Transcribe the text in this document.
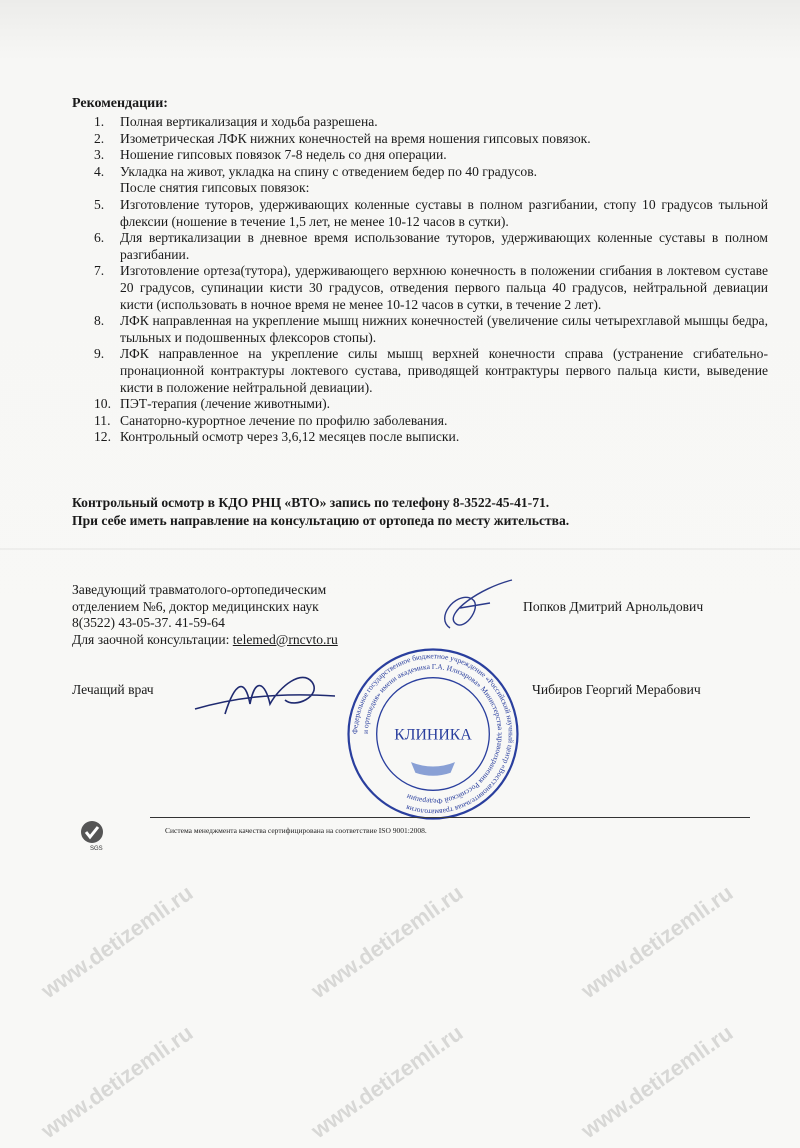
www.detizemli.ru	www.detizemli.ru	www.detizemli.ru
www.detizemli.ru	www.detizemli.ru	www.detizemli.ru
Рекомендации:
1. Полная вертикализация и ходьба разрешена.
2. Изометрическая ЛФК нижних конечностей на время ношения гипсовых повязок.
3. Ношение гипсовых повязок 7-8 недель со дня операции.
4. Укладка на живот, укладка на спину с отведением бедер по 40 градусов.
После снятия гипсовых повязок:
5. Изготовление туторов, удерживающих коленные суставы в полном разгибании, стопу 10 градусов тыльной флексии (ношение в течение 1,5 лет, не менее 10-12 часов в сутки).
6. Для вертикализации в дневное время использование туторов, удерживающих коленные суставы в полном разгибании.
7. Изготовление ортеза(тутора), удерживающего верхнюю конечность в положении сгибания в локтевом суставе 20 градусов, супинации кисти 30 градусов, отведения первого пальца 40 градусов, нейтральной девиации кисти (использовать в ночное время не менее 10-12 часов в сутки, в течение 2 лет).
8. ЛФК направленная на укрепление мышц нижних конечностей (увеличение силы четырехглавой мышцы бедра, тыльных и подошвенных флексоров стопы).
9. ЛФК направленное на укрепление силы мышц верхней конечности справа (устранение сгибательно-пронационной контрактуры локтевого сустава, приводящей контрактуры первого пальца кисти, выведение кисти в положение нейтральной девиации).
10. ПЭТ-терапия (лечение животными).
11. Санаторно-курортное лечение по профилю заболевания.
12. Контрольный осмотр через 3,6,12 месяцев после выписки.
Контрольный осмотр в КДО РНЦ «ВТО» запись по телефону 8-3522-45-41-71.
При себе иметь направление на консультацию от ортопеда по месту жительства.
Заведующий травматолого-ортопедическим
отделением №6, доктор медицинских наук
8(3522) 43-05-37. 41-59-64
Для заочной консультации: telemed@rncvto.ru
Попков Дмитрий Арнольдович
Лечащий врач	Чибиров Георгий Мерабович
Федеральное государственное бюджетное учреждение «Российский научный центр «Восстановительная травматология
и ортопедия» имени академика Г.А. Илизарова» Министерства здравоохранения Российской Федерации
КЛИНИКА
SGS
Система менеджмента качества сертифицирована на соответствие ISO 9001:2008.
